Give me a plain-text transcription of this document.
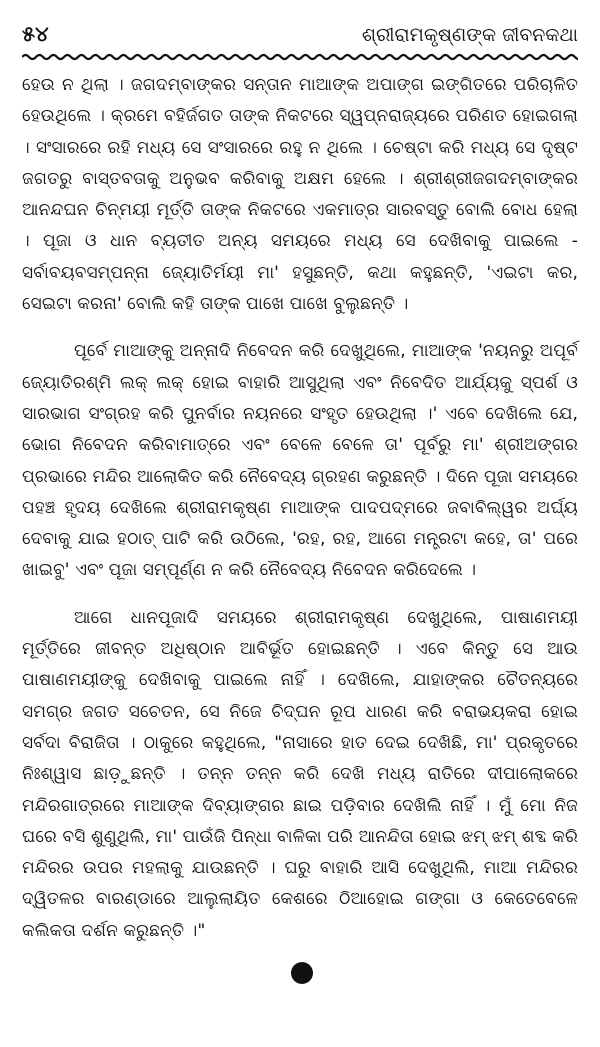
୫୪	ଶ୍ରୀରାମକୃଷ୍ଣଙ୍କ ଜୀବନକଥା

ହେଉ ନ ଥିଲା । ଜଗଦମ୍ବାଙ୍କର ସନ୍ତାନ ମାଆଙ୍କ ଅପାଙ୍ଗ ଇଙ୍ଗିତରେ ପରିଚାଳିତ ହେଉଥିଲେ । କ୍ରମେ ବହିର୍ଜଗତ ତାଙ୍କ ନିକଟରେ ସ୍ୱପ୍ନରାଜ୍ୟରେ ପରିଣତ ହୋଇଗଲା । ସଂସାରରେ ରହି ମଧ୍ୟ ସେ ସଂସାରରେ ରହୁ ନ ଥିଲେ । ଚେଷ୍ଟା କରି ମଧ୍ୟ ସେ ଦୃଷ୍ଟ ଜଗତରୁ ବାସ୍ତବତାକୁ ଅନୁଭବ କରିବାକୁ ଅକ୍ଷମ ହେଲେ । ଶ୍ରୀଶ୍ରୀଜଗଦମ୍ବାଙ୍କର ଆନନ୍ଦଘନ ଚିନ୍ମୟୀ ମୂର୍ତ୍ତି ତାଙ୍କ ନିକଟରେ ଏକମାତ୍ର ସାରବସ୍ତୁ ବୋଲି ବୋଧ ହେଲା । ପୂଜା ଓ ଧାନ ବ୍ୟତୀତ ଅନ୍ୟ ସମୟରେ ମଧ୍ୟ ସେ ଦେଖିବାକୁ ପାଇଲେ - ସର୍ବାବୟବସମ୍ପନ୍ନା ଜ୍ୟୋତିର୍ମୟୀ ମା' ହସୁଛନ୍ତି, କଥା କହୁଛନ୍ତି, 'ଏଇଟା କର, ସେଇଟା କରନା' ବୋଲି କହି ତାଙ୍କ ପାଖେ ପାଖେ ବୁଲୁଛନ୍ତି ।

ପୂର୍ବେ ମାଆଙ୍କୁ ଅନ୍ନାଦି ନିବେଦନ କରି ଦେଖୁଥିଲେ, ମାଆଙ୍କ 'ନୟନରୁ ଅପୂର୍ବ ଜ୍ୟୋତିରଶ୍ମି ଲକ୍ ଲକ୍ ହୋଇ ବାହାରି ଆସୁଥିଲା ଏବଂ ନିବେଦିତ ଆର୍ଯ୍ୟକୁ ସ୍ପର୍ଶ ଓ ସାରଭାଗ ସଂଗ୍ରହ କରି ପୁନର୍ବାର ନୟନରେ ସଂହୃତ ହେଉଥିଲା ।' ଏବେ ଦେଖିଲେ ଯେ, ଭୋଗ ନିବେଦନ କରିବାମାତ୍ରେ ଏବଂ ବେଳେ ବେଳେ ତା' ପୂର୍ବରୁ ମା' ଶ୍ରୀଅଙ୍ଗର ପ୍ରଭାରେ ମନ୍ଦିର ଆଲୋକିତ କରି ନୈବେଦ୍ୟ ଗ୍ରହଣ କରୁଛନ୍ତି । ଦିନେ ପୂଜା ସମୟରେ ପହଞ୍ଚ ହୃଦୟ ଦେଖିଲେ ଶ୍ରୀରାମକୃଷ୍ଣ ମାଆଙ୍କ ପାଦପଦ୍ମରେ ଜବାବିଲ୍ୱର ଅର୍ଘ୍ୟ ଦେବାକୁ ଯାଇ ହଠାତ୍ ପାଟି କରି ଉଠିଲେ, 'ରହ, ରହ, ଆଗେ ମନ୍ତ୍ରଟା କହେ, ତା' ପରେ ଖାଇବୁ' ଏବଂ ପୂଜା ସମ୍ପୂର୍ଣ୍ଣ ନ କରି ନୈବେଦ୍ୟ ନିବେଦନ କରିଦେଲେ ।

ଆଗେ ଧାନପୂଜାଦି ସମୟରେ ଶ୍ରୀରାମକୃଷ୍ଣ ଦେଖୁଥିଲେ, ପାଷାଣମୟୀ ମୂର୍ତ୍ତିରେ ଜୀବନ୍ତ ଅଧିଷ୍ଠାନ ଆବିର୍ଭୂତ ହୋଇଛନ୍ତି । ଏବେ କିନ୍ତୁ ସେ ଆଉ ପାଷାଣମୟୀଙ୍କୁ ଦେଖିବାକୁ ପାଇଲେ ନାହିଁ । ଦେଖିଲେ, ଯାହାଙ୍କର ଚୈତନ୍ୟରେ ସମଗ୍ର ଜଗତ ସଚେତନ, ସେ ନିଜେ ଚିଦ୍‌ଘନ ରୂପ ଧାରଣ କରି ବରାଭୟକରା ହୋଇ ସର୍ବଦା ବିରାଜିତା । ଠାକୁରେ କହୁଥିଲେ, "ନାସାରେ ହାତ ଦେଇ ଦେଖିଛି, ମା' ପ୍ରକୃତରେ ନିଃଶ୍ୱାସ ଛାଡ଼ୁଛନ୍ତି । ତନ୍ନ ତନ୍ନ କରି ଦେଖି ମଧ୍ୟ ରାତିରେ ଦୀପାଲୋକରେ ମନ୍ଦିରଗାତ୍ରରେ ମାଆଙ୍କ ଦିବ୍ୟାଙ୍ଗର ଛାଇ ପଡ଼ିବାର ଦେଖିଲି ନାହିଁ । ମୁଁ ମୋ ନିଜ ଘରେ ବସି ଶୁଣୁଥିଲି, ମା' ପାଉଁଜି ପିନ୍ଧା ବାଳିକା ପରି ଆନନ୍ଦିତା ହୋଇ ଝମ୍ ଝମ୍ ଶବ୍ଦ କରି ମନ୍ଦିରର ଉପର ମହଲାକୁ ଯାଉଛନ୍ତି । ଘରୁ ବାହାରି ଆସି ଦେଖୁଥିଲି, ମାଆ ମନ୍ଦିରର ଦ୍ୱିତଳର ବାରଣ୍ଡାରେ ଆଲୁଲାୟିତ କେଶରେ ଠିଆହୋଇ ଗଙ୍ଗା ଓ କେତେବେଳେ କଲିକତା ଦର୍ଶନ କରୁଛନ୍ତି ।"
